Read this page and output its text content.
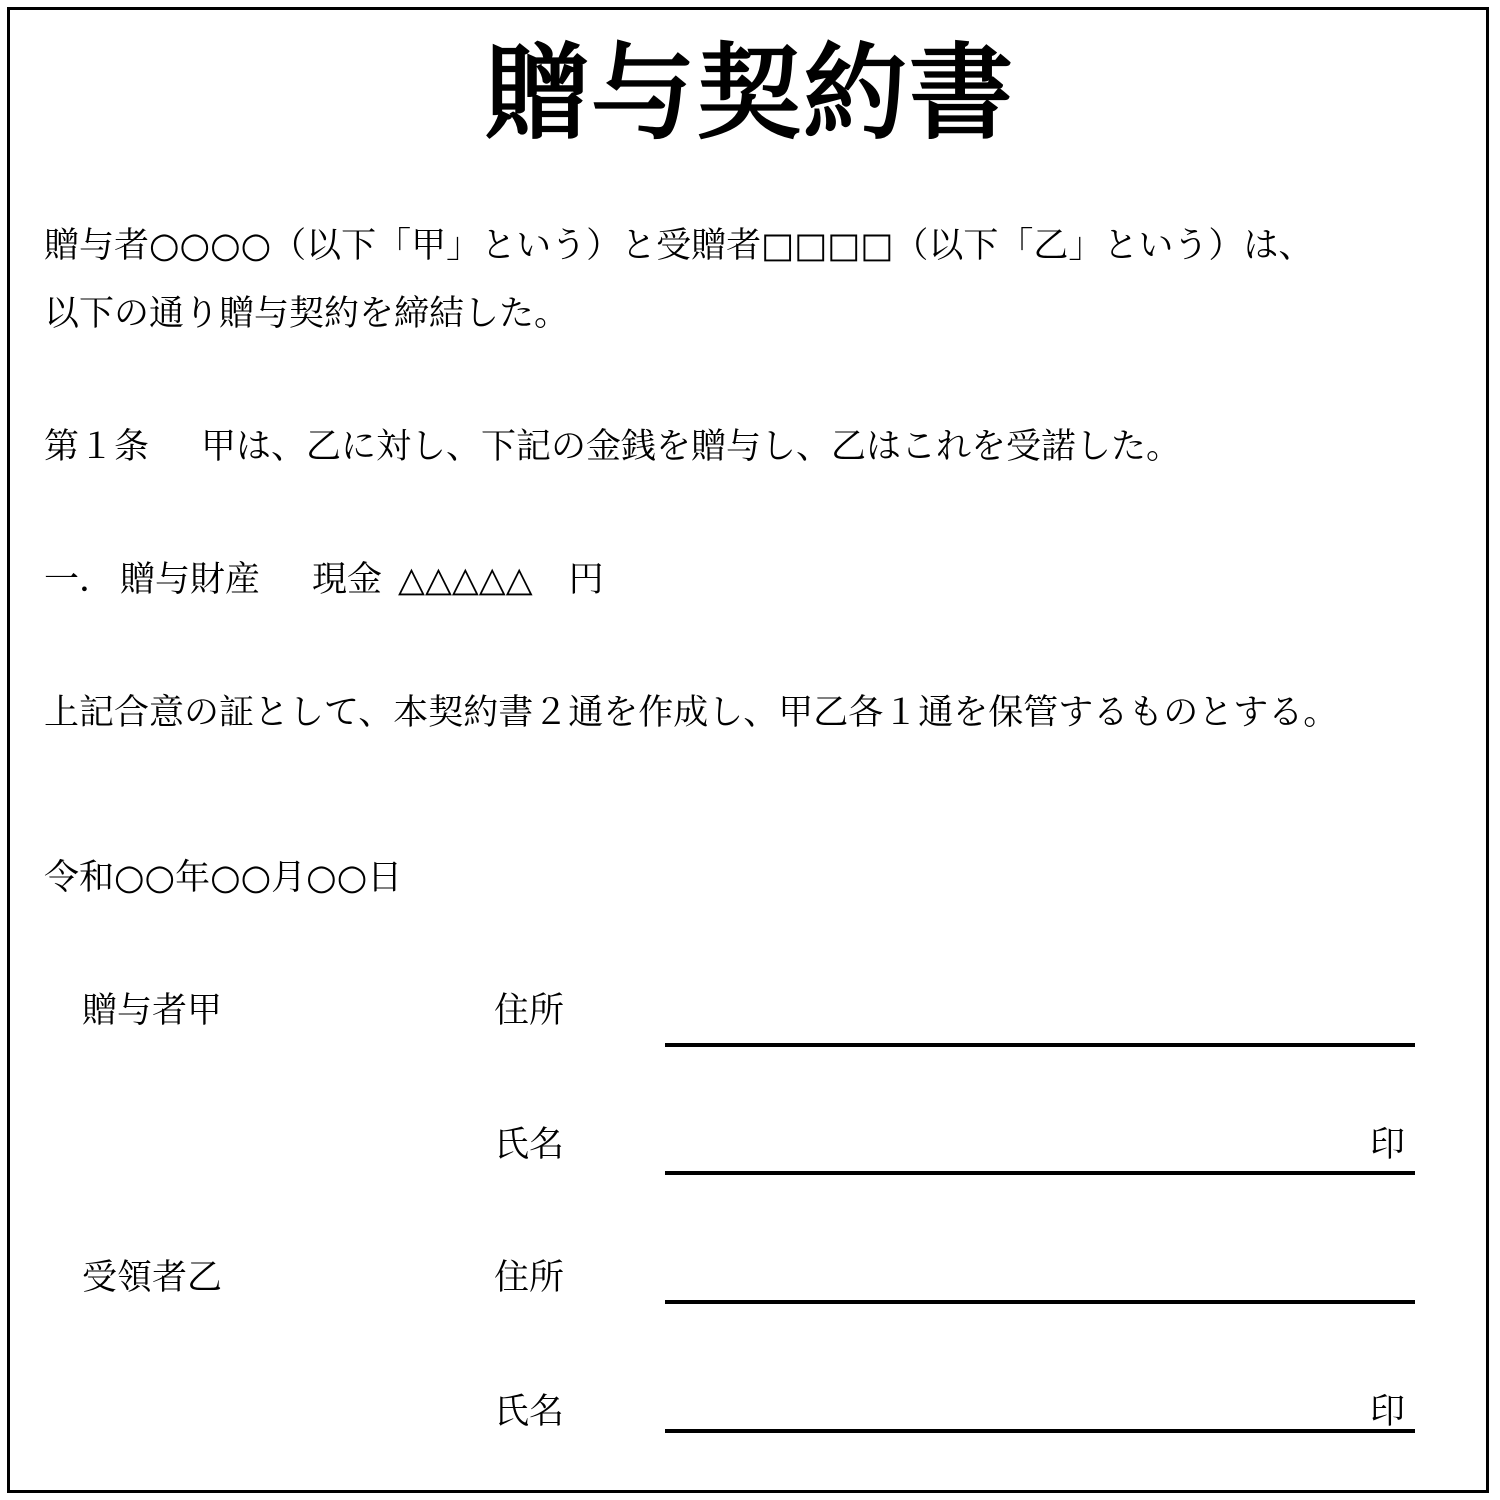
贈与契約書
贈与者○○○○（以下「甲」という）と受贈者□□□□（以下「乙」という）は、
以下の通り贈与契約を締結した。
第１条 甲は、乙に対し、下記の金銭を贈与し、乙はこれを受諾した。
一． 贈与財産 現金 △△△△△ 円
上記合意の証として、本契約書２通を作成し、甲乙各１通を保管するものとする。
令和○○年○○月○○日
贈与者甲	住所
氏名	印
受領者乙	住所
氏名	印
